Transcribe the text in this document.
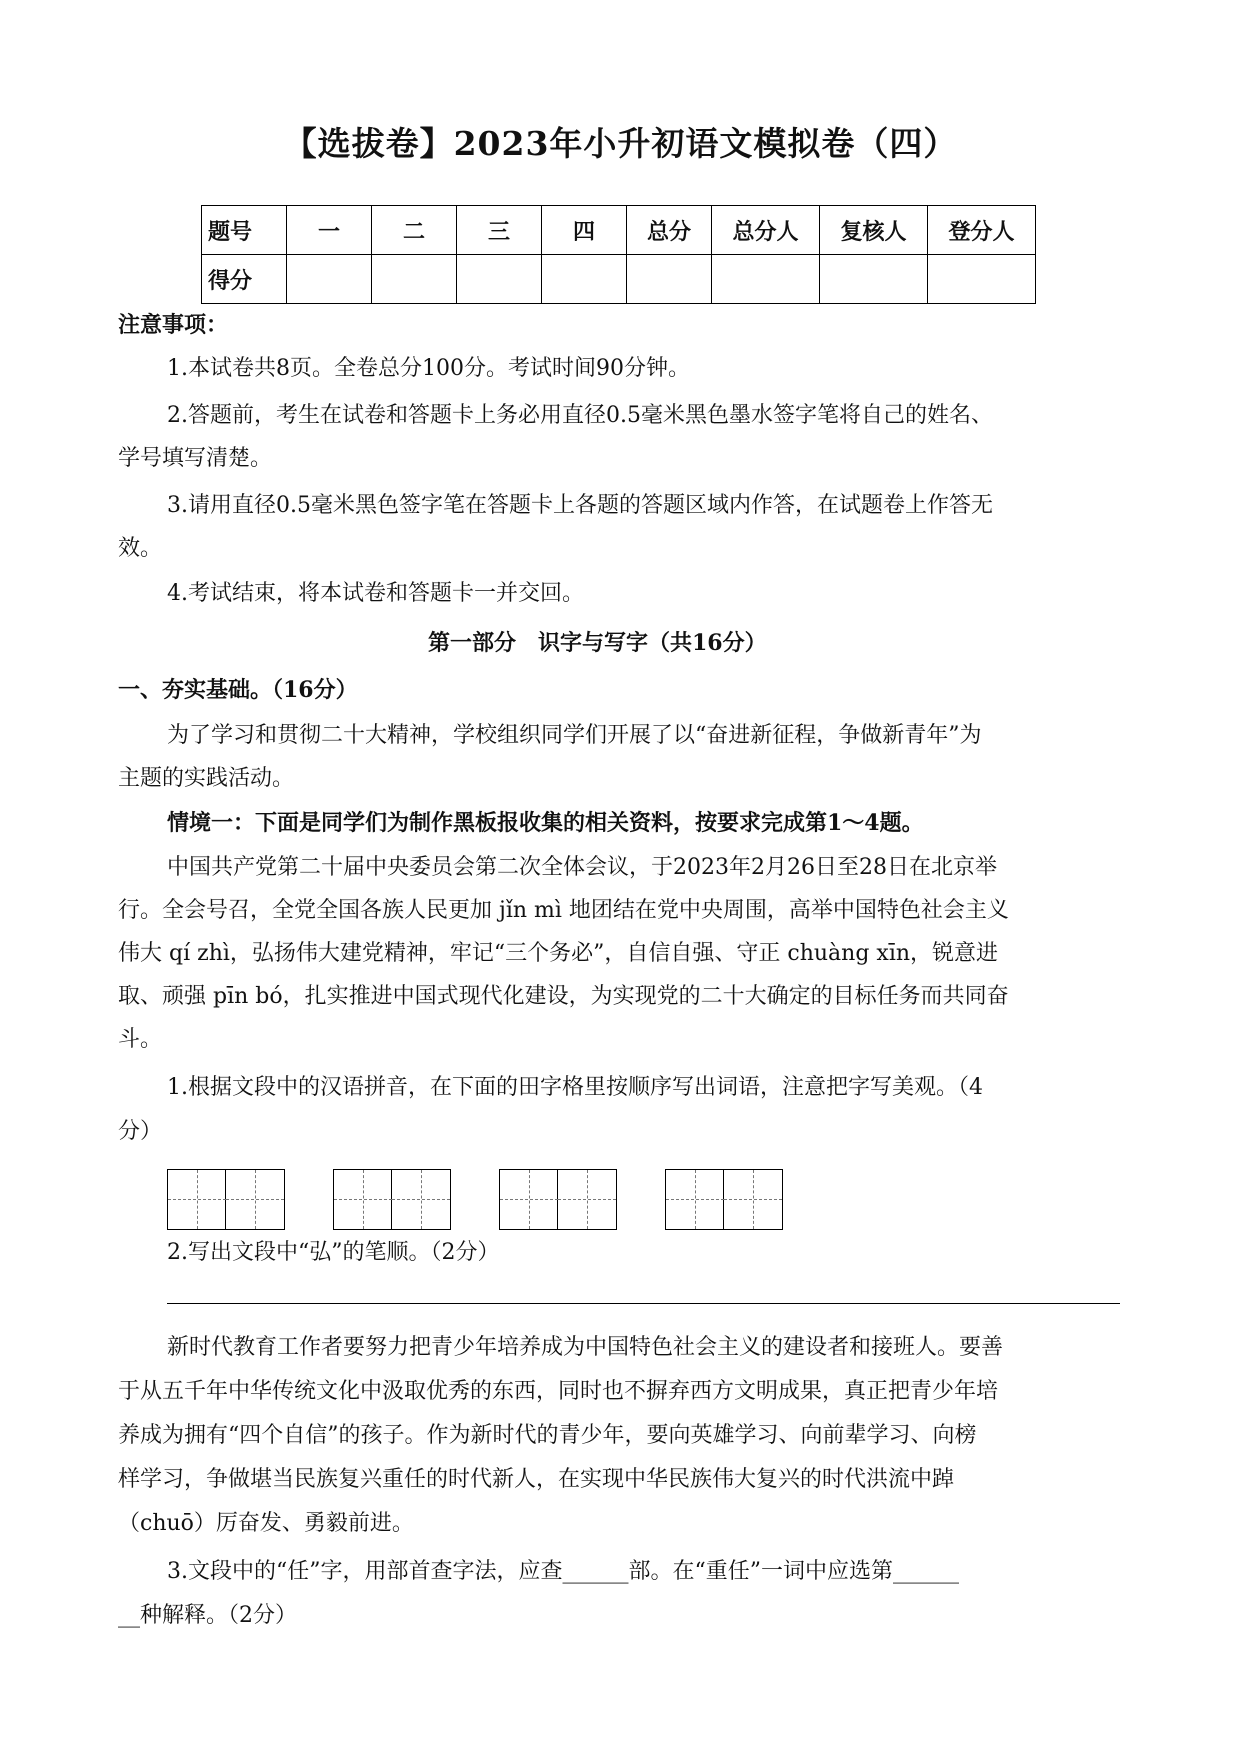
【选拔卷】2023年小升初语文模拟卷（四）
题号	一	二	三	四	总分	总分人	复核人	登分人
得分								
注意事项：
1.本试卷共8页。全卷总分100分。考试时间90分钟。
2.答题前，考生在试卷和答题卡上务必用直径0.5毫米黑色墨水签字笔将自己的姓名、
学号填写清楚。
3.请用直径0.5毫米黑色签字笔在答题卡上各题的答题区域内作答，在试题卷上作答无
效。
4.考试结束，将本试卷和答题卡一并交回。
第一部分　识字与写字（共16分）
一、夯实基础。（16分）
为了学习和贯彻二十大精神，学校组织同学们开展了以“奋进新征程，争做新青年”为
主题的实践活动。
情境一：下面是同学们为制作黑板报收集的相关资料，按要求完成第1～4题。
中国共产党第二十届中央委员会第二次全体会议，于2023年2月26日至28日在北京举
行。全会号召，全党全国各族人民更加 jǐn mì 地团结在党中央周围，高举中国特色社会主义
伟大 qí zhì，弘扬伟大建党精神，牢记“三个务必”，自信自强、守正 chuàng xīn，锐意进
取、顽强 pīn bó，扎实推进中国式现代化建设，为实现党的二十大确定的目标任务而共同奋
斗。
1.根据文段中的汉语拼音，在下面的田字格里按顺序写出词语，注意把字写美观。（4
分）
2.写出文段中“弘”的笔顺。（2分）
新时代教育工作者要努力把青少年培养成为中国特色社会主义的建设者和接班人。要善
于从五千年中华传统文化中汲取优秀的东西，同时也不摒弃西方文明成果，真正把青少年培
养成为拥有“四个自信”的孩子。作为新时代的青少年，要向英雄学习、向前辈学习、向榜
样学习，争做堪当民族复兴重任的时代新人，在实现中华民族伟大复兴的时代洪流中踔
（chuō）厉奋发、勇毅前进。
3.文段中的“任”字，用部首查字法，应查______部。在“重任”一词中应选第______
__种解释。（2分）
